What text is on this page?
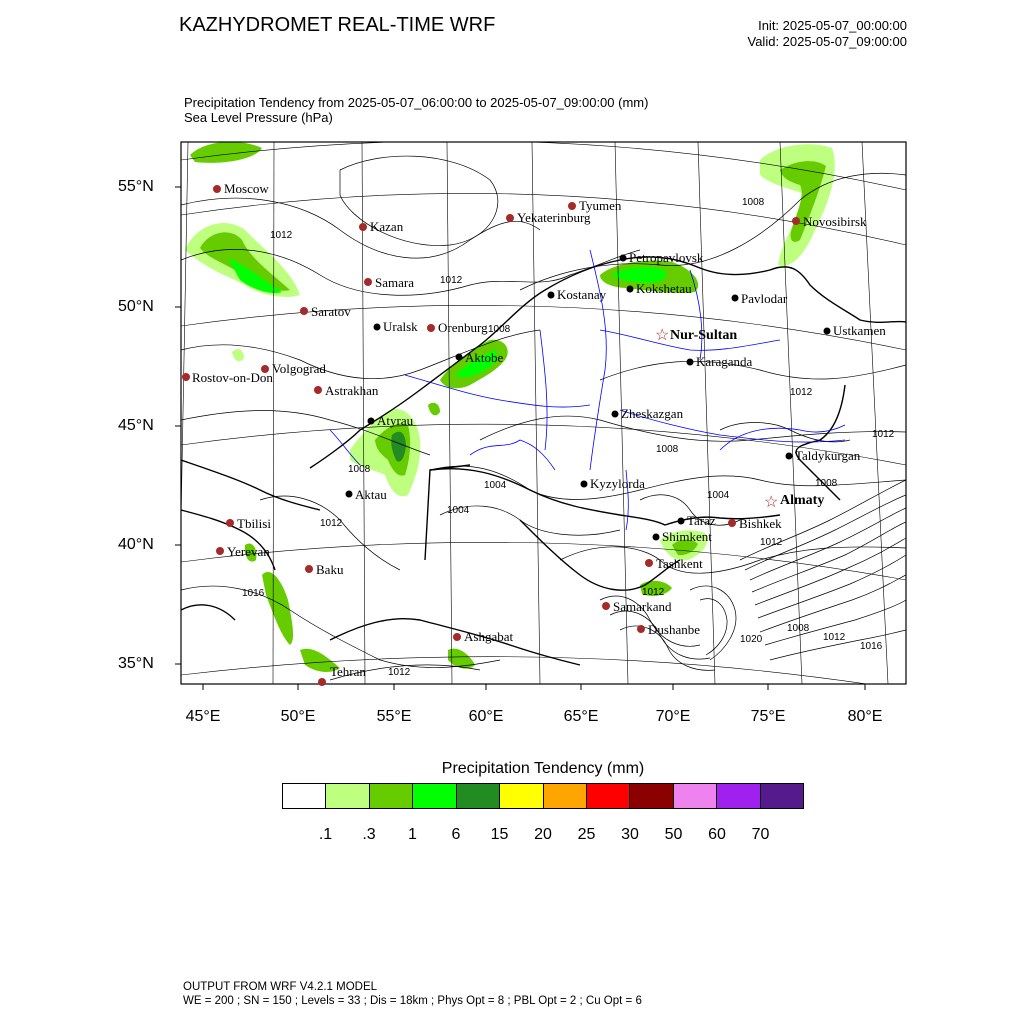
KAZHYDROMET REAL-TIME WRF	Init: 2025-05-07_00:00:00
Valid: 2025-05-07_09:00:00
Precipitation Tendency from 2025-05-07_06:00:00 to 2025-05-07_09:00:00 (mm)
Sea Level Pressure (hPa)
1012
1012
1008
1008
1012
1012
1008
1004
1004
1008
1004
1012
1008
1012
1016
1008
1012
1016
1012
1020
1012
☆ Nur-Sultan
☆ Almaty
Petropavlovsk
Kostanay Kokshetau
Pavlodar
Uralsk	Ustkamen
Aktobe	Karaganda
Atyrau	Zheskazgan
Taldykurgan
Kyzylorda
Aktau
Taraz
Shimkent
Moscow
Tyumen
Yekaterinburg
Kazan	Novosibirsk
Samara
Saratov
Orenburg
Volgograd
Rostov-on-Don
Astrakhan
Tbilisi	Bishkek
Yerevan
Baku	Tashkent
Samarkand
Dushanbe
Ashgabat
Tehran
45°E	50°E	55°E	60°E	65°E	70°E	75°E	80°E
55°N
50°N
45°N
40°N
35°N
Precipitation Tendency (mm)
.1 .3 1 6 15 20 25 30 50 60 70
OUTPUT FROM WRF V4.2.1 MODEL
WE = 200 ; SN = 150 ; Levels = 33 ; Dis = 18km ; Phys Opt = 8 ; PBL Opt = 2 ; Cu Opt = 6
